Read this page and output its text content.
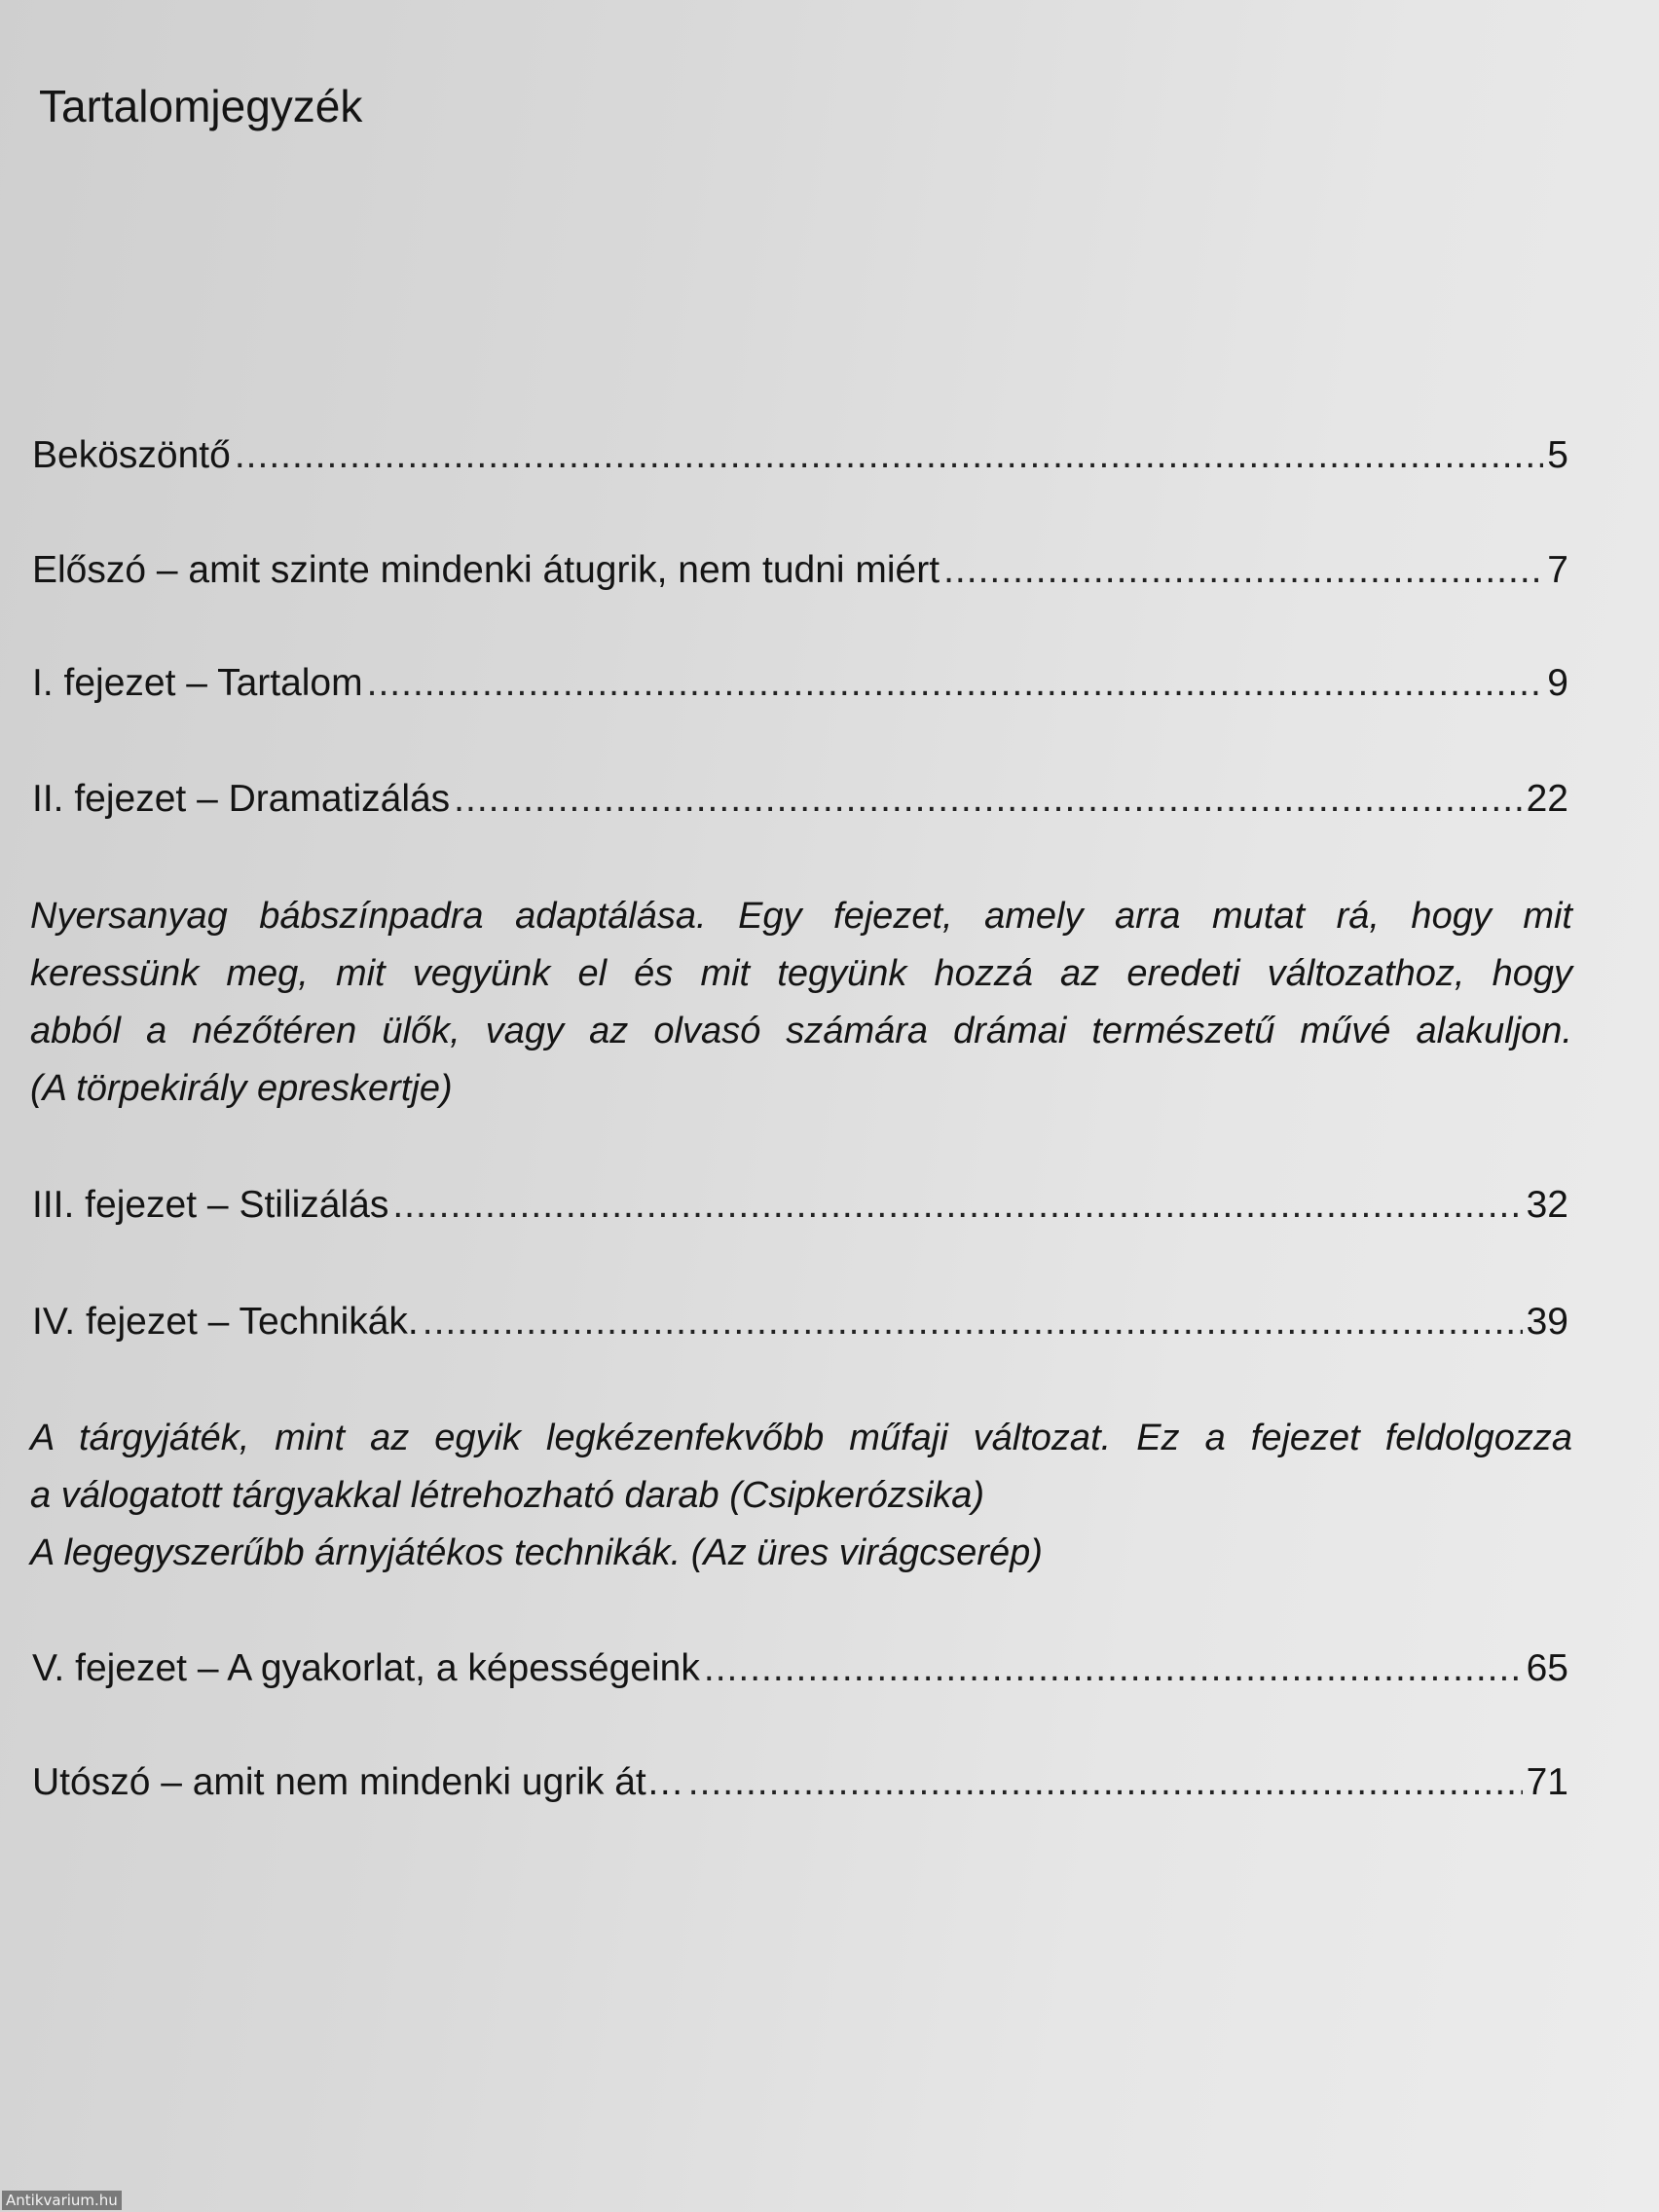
Tartalomjegyzék
Beköszöntő .....	5
Előszó – amit szinte mindenki átugrik, nem tudni miért .....	7
I. fejezet – Tartalom .....	9
II. fejezet – Dramatizálás .....	22
Nyersanyag bábszínpadra adaptálása. Egy fejezet, amely arra mutat rá, hogy mit
keressünk meg, mit vegyünk el és mit tegyünk hozzá az eredeti változathoz, hogy
abból a nézőtéren ülők, vagy az olvasó számára drámai természetű művé alakuljon.
(A törpekirály epreskertje)
III. fejezet – Stilizálás .....	32
IV. fejezet – Technikák. .....	39
A tárgyjáték, mint az egyik legkézenfekvőbb műfaji változat. Ez a fejezet feldolgozza
a válogatott tárgyakkal létrehozható darab (Csipkerózsika)
A legegyszerűbb árnyjátékos technikák. (Az üres virágcserép)
V. fejezet – A gyakorlat, a képességeink .....	65
Utószó – amit nem mindenki ugrik át… .....	71
Antikvarium.hu
